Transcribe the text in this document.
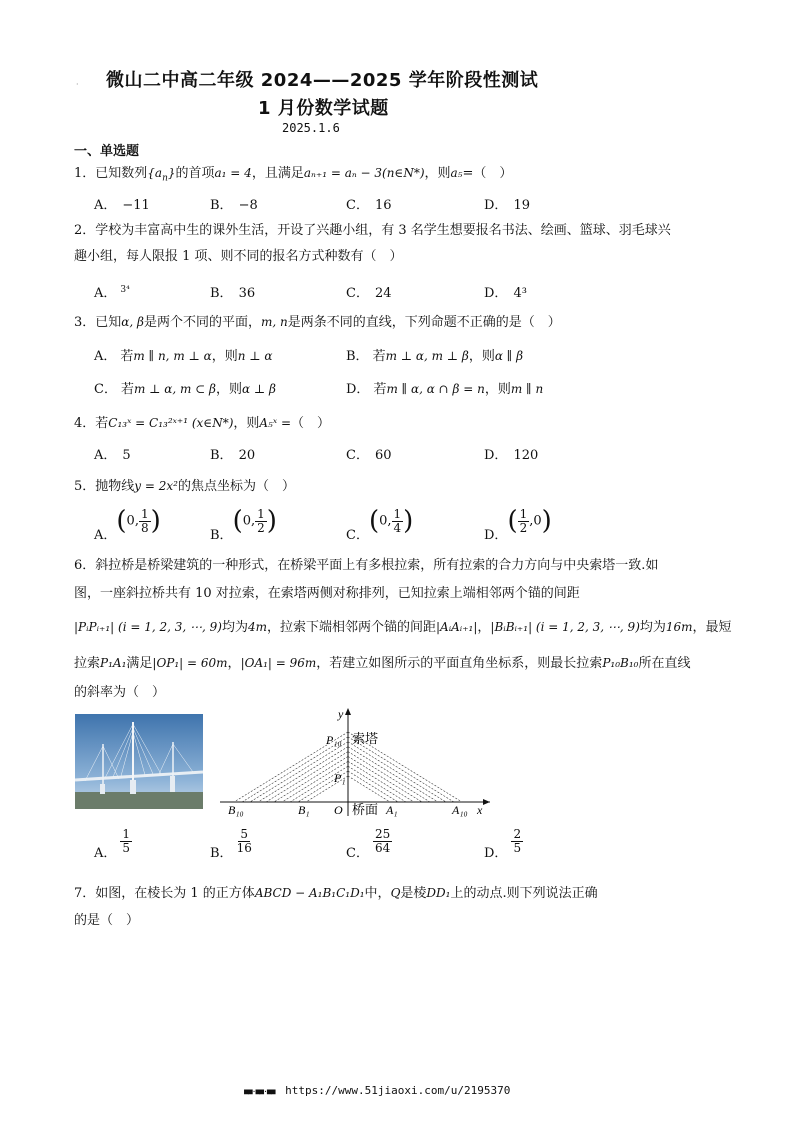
· 微山二中高二年级 2024——2025 学年阶段性测试
1 月份数学试题
2025.1.6
一、单选题
1．已知数列$\{a_n\}$的首项a₁ = 4，且满足aₙ₊₁ = aₙ − 3(n∈N*)，则a₅=（　）
A． −11	B． −8	C． 16	D． 19
2．学校为丰富高中生的课外生活，开设了兴趣小组，有 3 名学生想要报名书法、绘画、篮球、羽毛球兴
趣小组，每人限报 1 项、则不同的报名方式种数有（　）
A． $^{3^4}$	B． 36	C． 24	D． 4³
3．已知α, β是两个不同的平面，m, n是两条不同的直线，下列命题不正确的是（　）
A． 若m ∥ n, m ⊥ α，则n ⊥ α	B． 若m ⊥ α, m ⊥ β，则α ∥ β
C． 若m ⊥ α, m ⊂ β，则α ⊥ β	D． 若m ∥ α, α ∩ β = n，则m ∥ n
4．若C₁₃ˣ = C₁₃²ˣ⁺¹ (x∈N*)，则A₅ˣ =（　）
A． 5	B． 20	C． 60	D． 120
5．抛物线y = 2x²的焦点坐标为（　）
A．(0, $\frac{1}{8}$ )	B．(0, $\frac{1}{2}$ )	C．(0, $\frac{1}{4}$ )	D．( $\frac{1}{2} ,0$)
6．斜拉桥是桥梁建筑的一种形式，在桥梁平面上有多根拉索，所有拉索的合力方向与中央索塔一致.如
图，一座斜拉桥共有 10 对拉索，在索塔两侧对称排列，已知拉索上端相邻两个锚的间距
|PᵢPᵢ₊₁| (i = 1, 2, 3, ⋯, 9)均为4m，拉索下端相邻两个锚的间距|AᵢAᵢ₊₁|，|BᵢBᵢ₊₁| (i = 1, 2, 3, ⋯, 9)均为16m，最短
拉索P₁A₁满足|OP₁| = 60m，|OA₁| = 96m，若建立如图所示的平面直角坐标系，则最长拉索P₁₀B₁₀所在直线
的斜率为（　）
y
x
P₁₀ 索塔
P₁
B₁₀	B₁ O 桥面 A₁	A₁₀
A． $\frac{1}{5}$	B． $\frac{5}{16}$	C． $\frac{25}{64}$	D． $\frac{2}{5}$
7．如图，在棱长为 1 的正方体ABCD − A₁B₁C₁D₁中，Q是棱DD₁上的动点.则下列说法正确
的是（　）
■■·■■·■■ https://www.51jiaoxi.com/u/2195370
